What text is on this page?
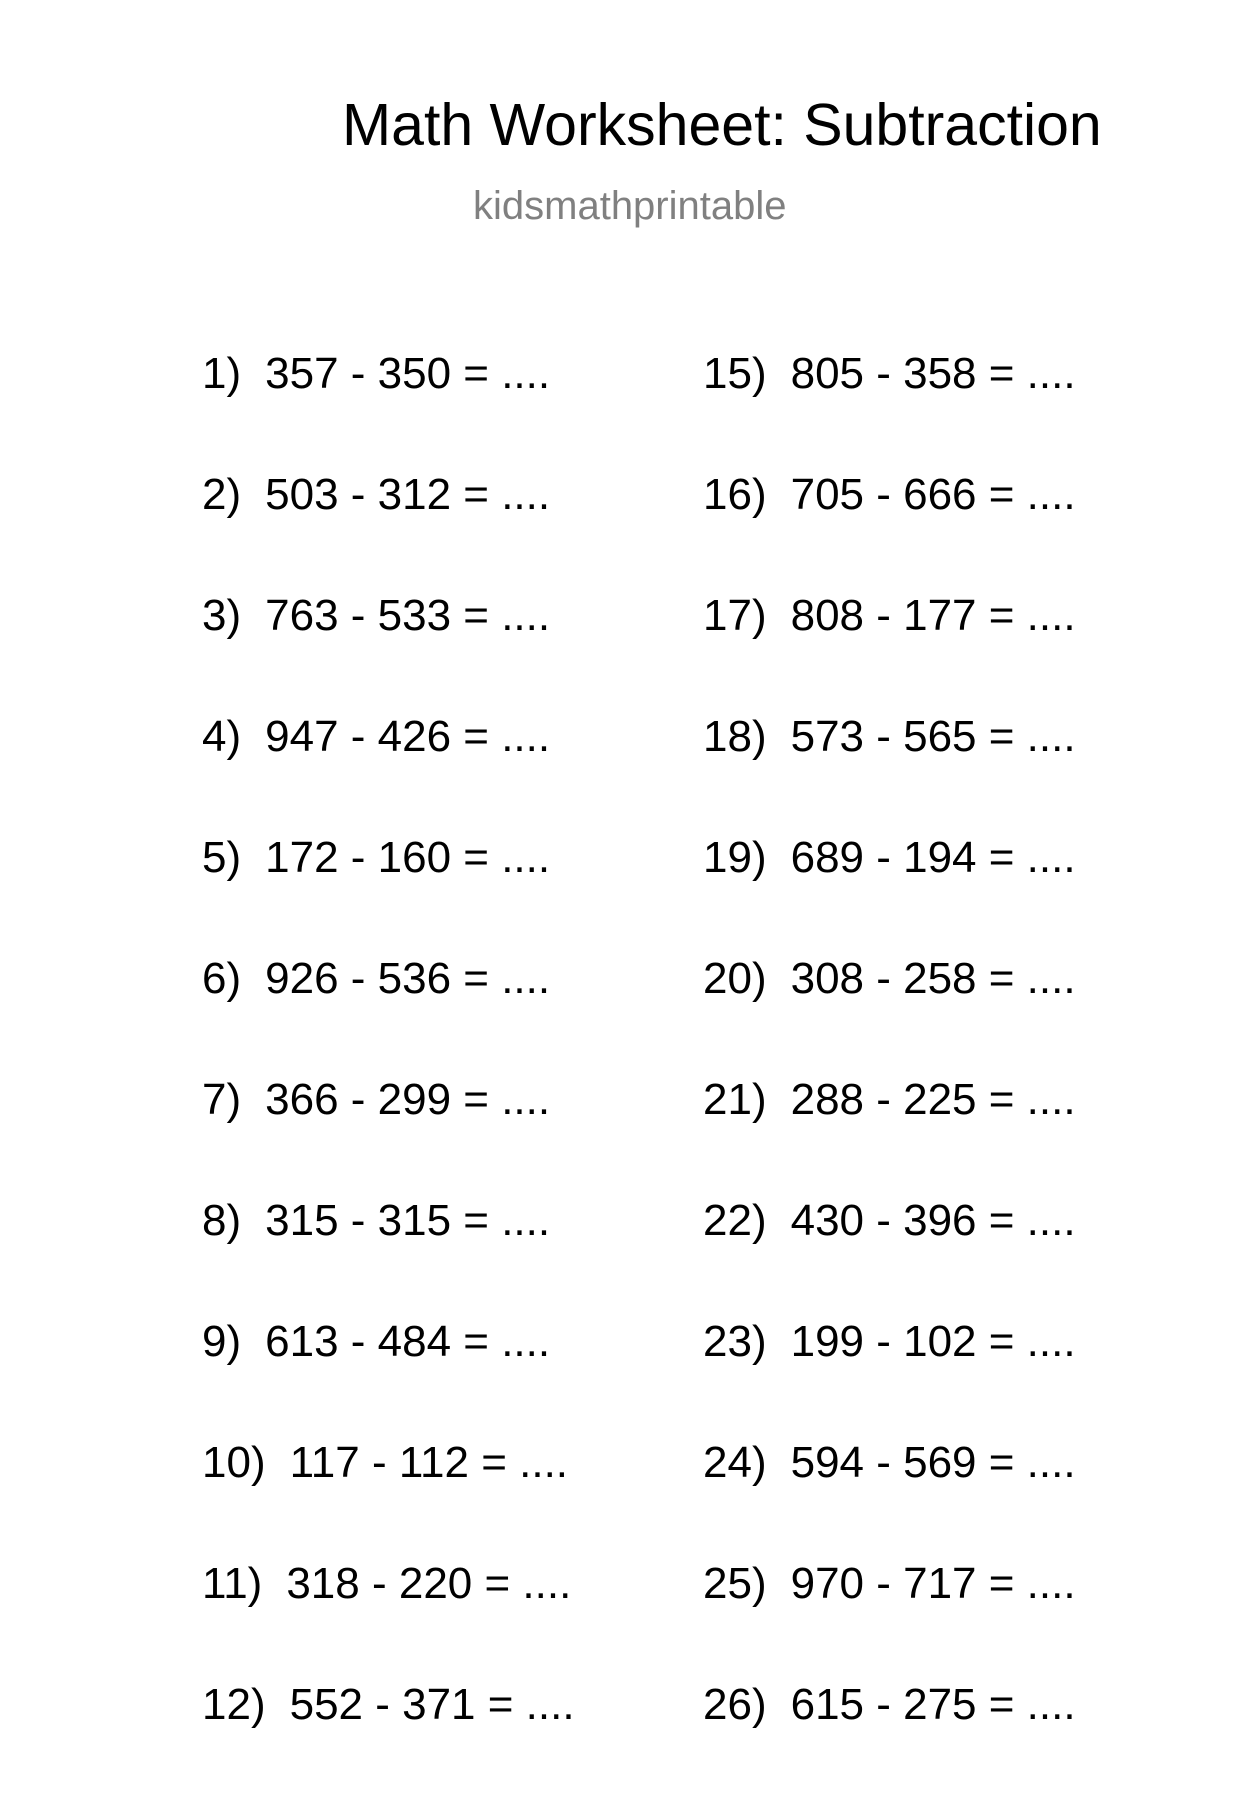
Math Worksheet: Subtraction
kidsmathprintable
1) 357 - 350 = ....
2) 503 - 312 = ....
3) 763 - 533 = ....
4) 947 - 426 = ....
5) 172 - 160 = ....
6) 926 - 536 = ....
7) 366 - 299 = ....
8) 315 - 315 = ....
9) 613 - 484 = ....
10) 117 - 112 = ....
11) 318 - 220 = ....
12) 552 - 371 = ....
15) 805 - 358 = ....
16) 705 - 666 = ....
17) 808 - 177 = ....
18) 573 - 565 = ....
19) 689 - 194 = ....
20) 308 - 258 = ....
21) 288 - 225 = ....
22) 430 - 396 = ....
23) 199 - 102 = ....
24) 594 - 569 = ....
25) 970 - 717 = ....
26) 615 - 275 = ....
